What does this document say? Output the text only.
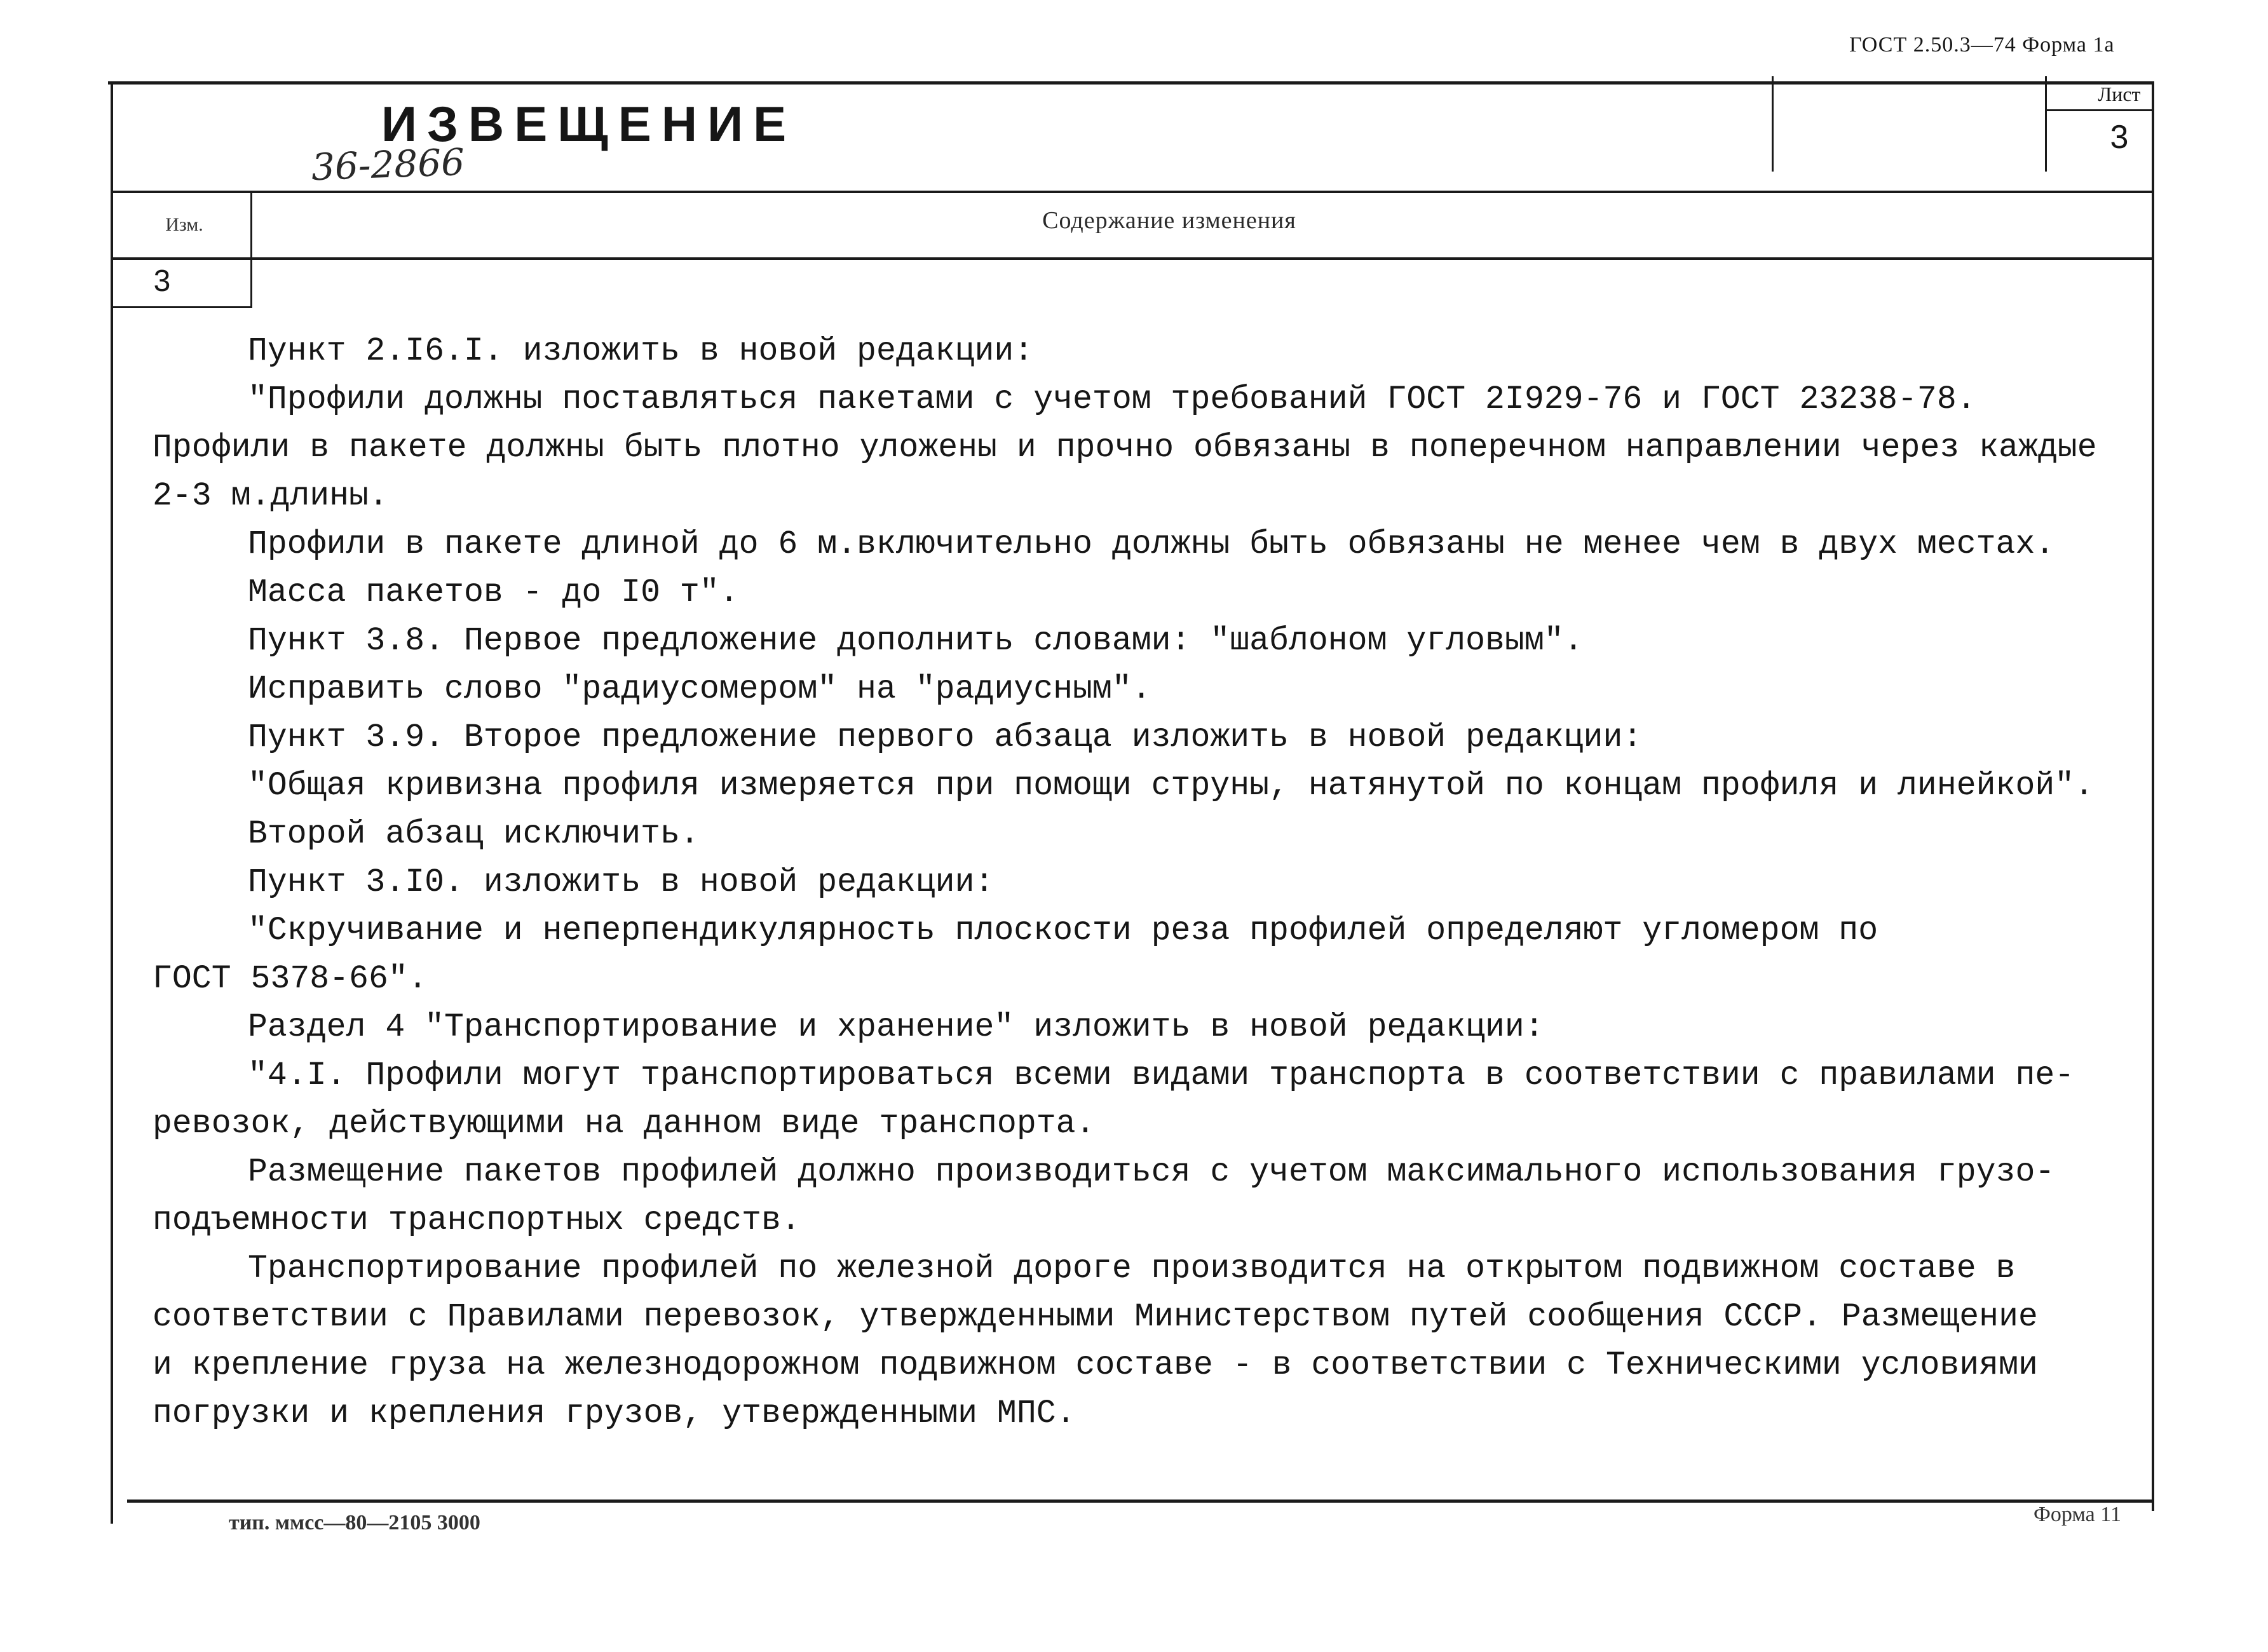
ГОСТ 2.50.3—74 Форма 1а
ИЗВЕЩЕНИЕ
36-2866
Лист
3
Изм.	Содержание изменения
3
Пункт 2.I6.I. изложить в новой редакции:
"Профили должны поставляться пакетами с учетом требований ГОСТ 2I929-76 и ГОСТ 23238-78.
Профили в пакете должны быть плотно уложены и прочно обвязаны в поперечном направлении через каждые
2-3 м.длины.
Профили в пакете длиной до 6 м.включительно должны быть обвязаны не менее чем в двух местах.
Масса пакетов - до I0 т".
Пункт 3.8. Первое предложение дополнить словами: "шаблоном угловым".
Исправить слово "радиусомером" на "радиусным".
Пункт 3.9. Второе предложение первого абзаца изложить в новой редакции:
"Общая кривизна профиля измеряется при помощи струны, натянутой по концам профиля и линейкой".
Второй абзац исключить.
Пункт 3.I0. изложить в новой редакции:
"Скручивание и неперпендикулярность плоскости реза профилей определяют угломером по
ГОСТ 5378-66".
Раздел 4 "Транспортирование и хранение" изложить в новой редакции:
"4.I. Профили могут транспортироваться всеми видами транспорта в соответствии с правилами пе-
ревозок, действующими на данном виде транспорта.
Размещение пакетов профилей должно производиться с учетом максимального использования грузо-
подъемности транспортных средств.
Транспортирование профилей по железной дороге производится на открытом подвижном составе в
соответствии с Правилами перевозок, утвержденными Министерством путей сообщения СССР. Размещение
и крепление груза на железнодорожном подвижном составе - в соответствии с Техническими условиями
погрузки и крепления грузов, утвержденными МПС.
тип. ммсс—80—2105 3000	Форма 11
